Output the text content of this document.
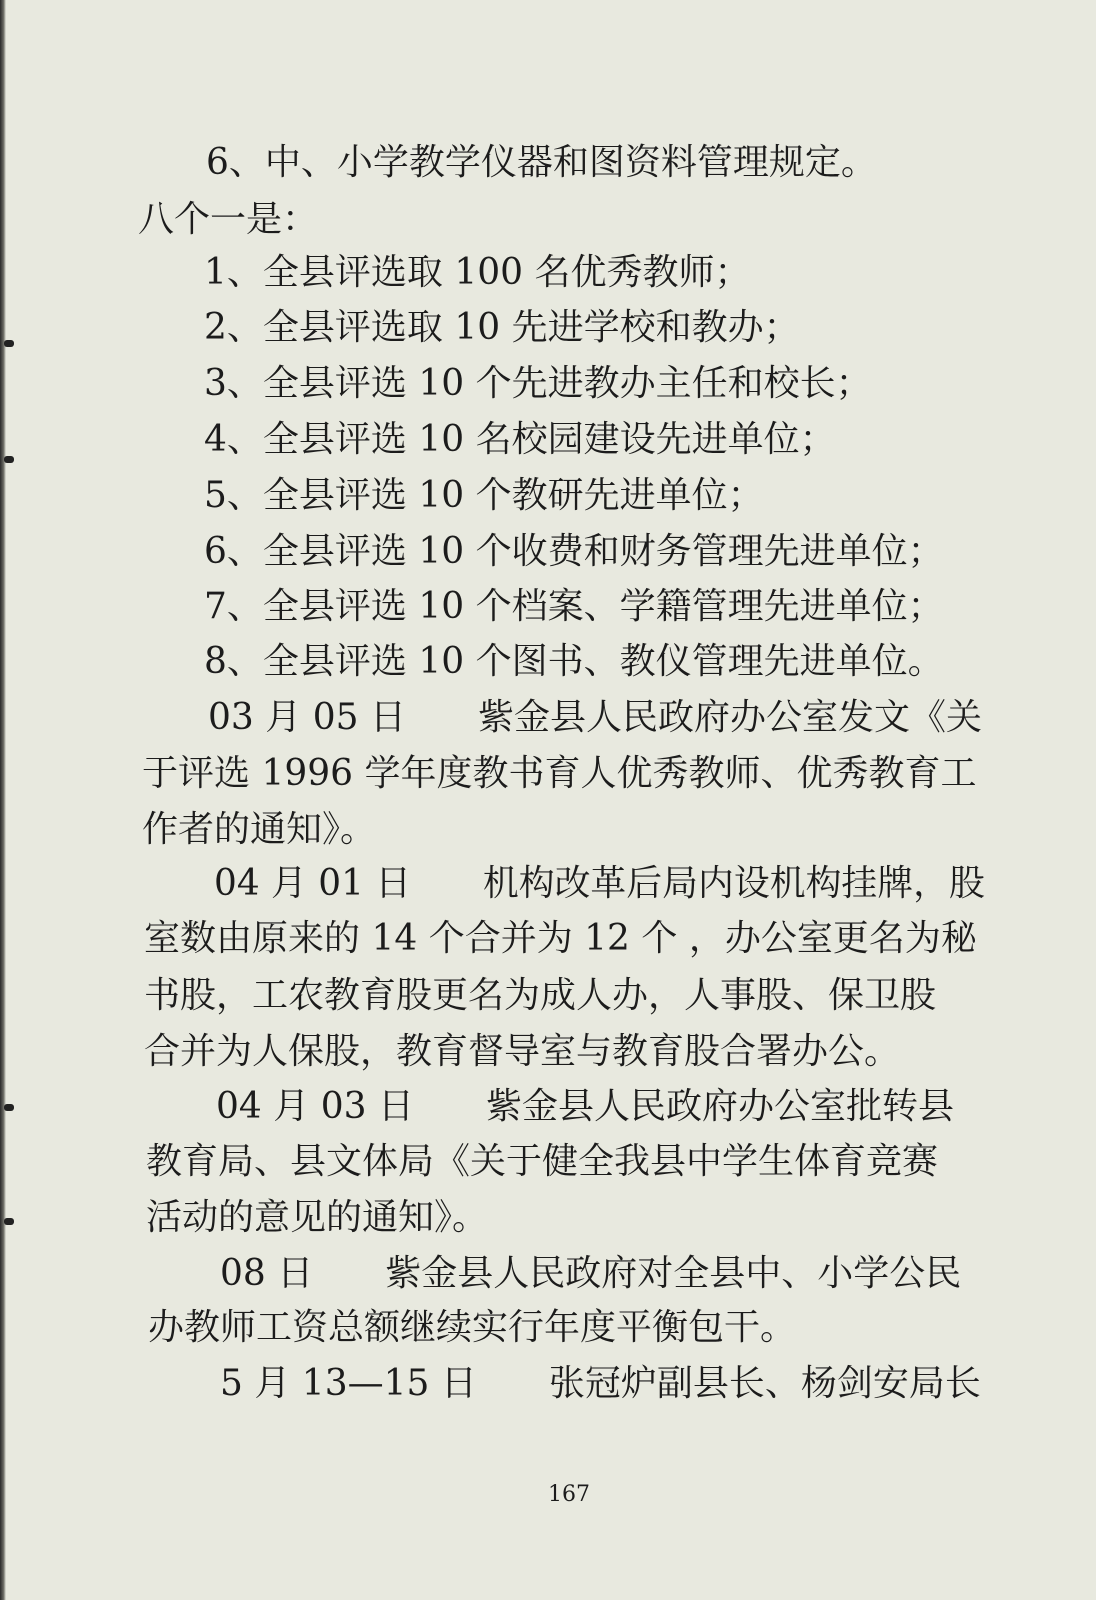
6、中、小学教学仪器和图资料管理规定。
八个一是：
1、全县评选取 100 名优秀教师；
2、全县评选取 10 先进学校和教办；
3、全县评选 10 个先进教办主任和校长；
4、全县评选 10 名校园建设先进单位；
5、全县评选 10 个教研先进单位；
6、全县评选 10 个收费和财务管理先进单位；
7、全县评选 10 个档案、学籍管理先进单位；
8、全县评选 10 个图书、教仪管理先进单位。
03 月 05 日　　紫金县人民政府办公室发文《关
于评选 1996 学年度教书育人优秀教师、优秀教育工
作者的通知》。
04 月 01 日　　机构改革后局内设机构挂牌，股
室数由原来的 14 个合并为 12 个 ，办公室更名为秘
书股，工农教育股更名为成人办，人事股、保卫股
合并为人保股，教育督导室与教育股合署办公。
04 月 03 日　　紫金县人民政府办公室批转县
教育局、县文体局《关于健全我县中学生体育竞赛
活动的意见的通知》。
08 日　　紫金县人民政府对全县中、小学公民
办教师工资总额继续实行年度平衡包干。
5 月 13—15 日　　张冠炉副县长、杨剑安局长
167
